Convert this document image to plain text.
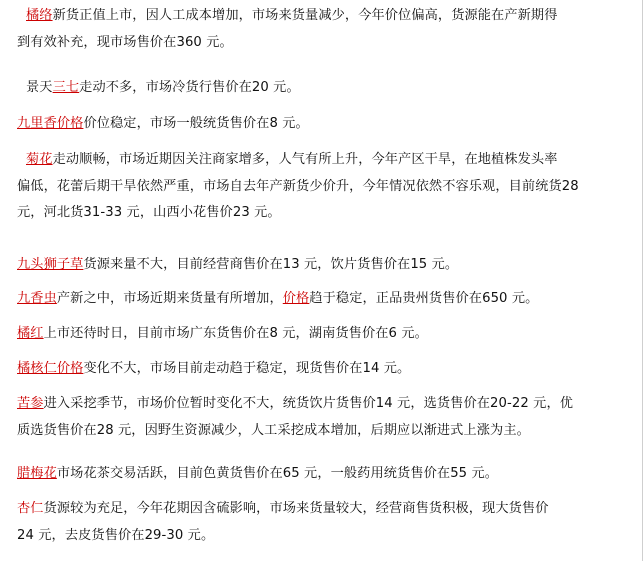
橘络新货正值上市，因人工成本增加，市场来货量减少，今年价位偏高，货源能在产新期得
到有效补充，现市场售价在360 元。
景天三七走动不多，市场冷货行售价在20 元。
九里香价格价位稳定，市场一般统货售价在8 元。
菊花走动顺畅，市场近期因关注商家增多，人气有所上升，今年产区干旱，在地植株发头率
偏低，花蕾后期干旱依然严重，市场自去年产新货少价升，今年情况依然不容乐观，目前统货28
元，河北货31-33 元，山西小花售价23 元。
九头狮子草货源来量不大，目前经营商售价在13 元，饮片货售价在15 元。
九香虫产新之中，市场近期来货量有所增加，价格趋于稳定，正品贵州货售价在650 元。
橘红上市还待时日，目前市场广东货售价在8 元，湖南货售价在6 元。
橘核仁价格变化不大，市场目前走动趋于稳定，现货售价在14 元。
苦参进入采挖季节，市场价位暂时变化不大，统货饮片货售价14 元，选货售价在20-22 元，优
质选货售价在28 元，因野生资源减少，人工采挖成本增加，后期应以渐进式上涨为主。
腊梅花市场花茶交易活跃，目前色黄货售价在65 元，一般药用统货售价在55 元。
杏仁货源较为充足，今年花期因含硫影响，市场来货量较大，经营商售货积极，现大货售价
24 元，去皮货售价在29-30 元。
